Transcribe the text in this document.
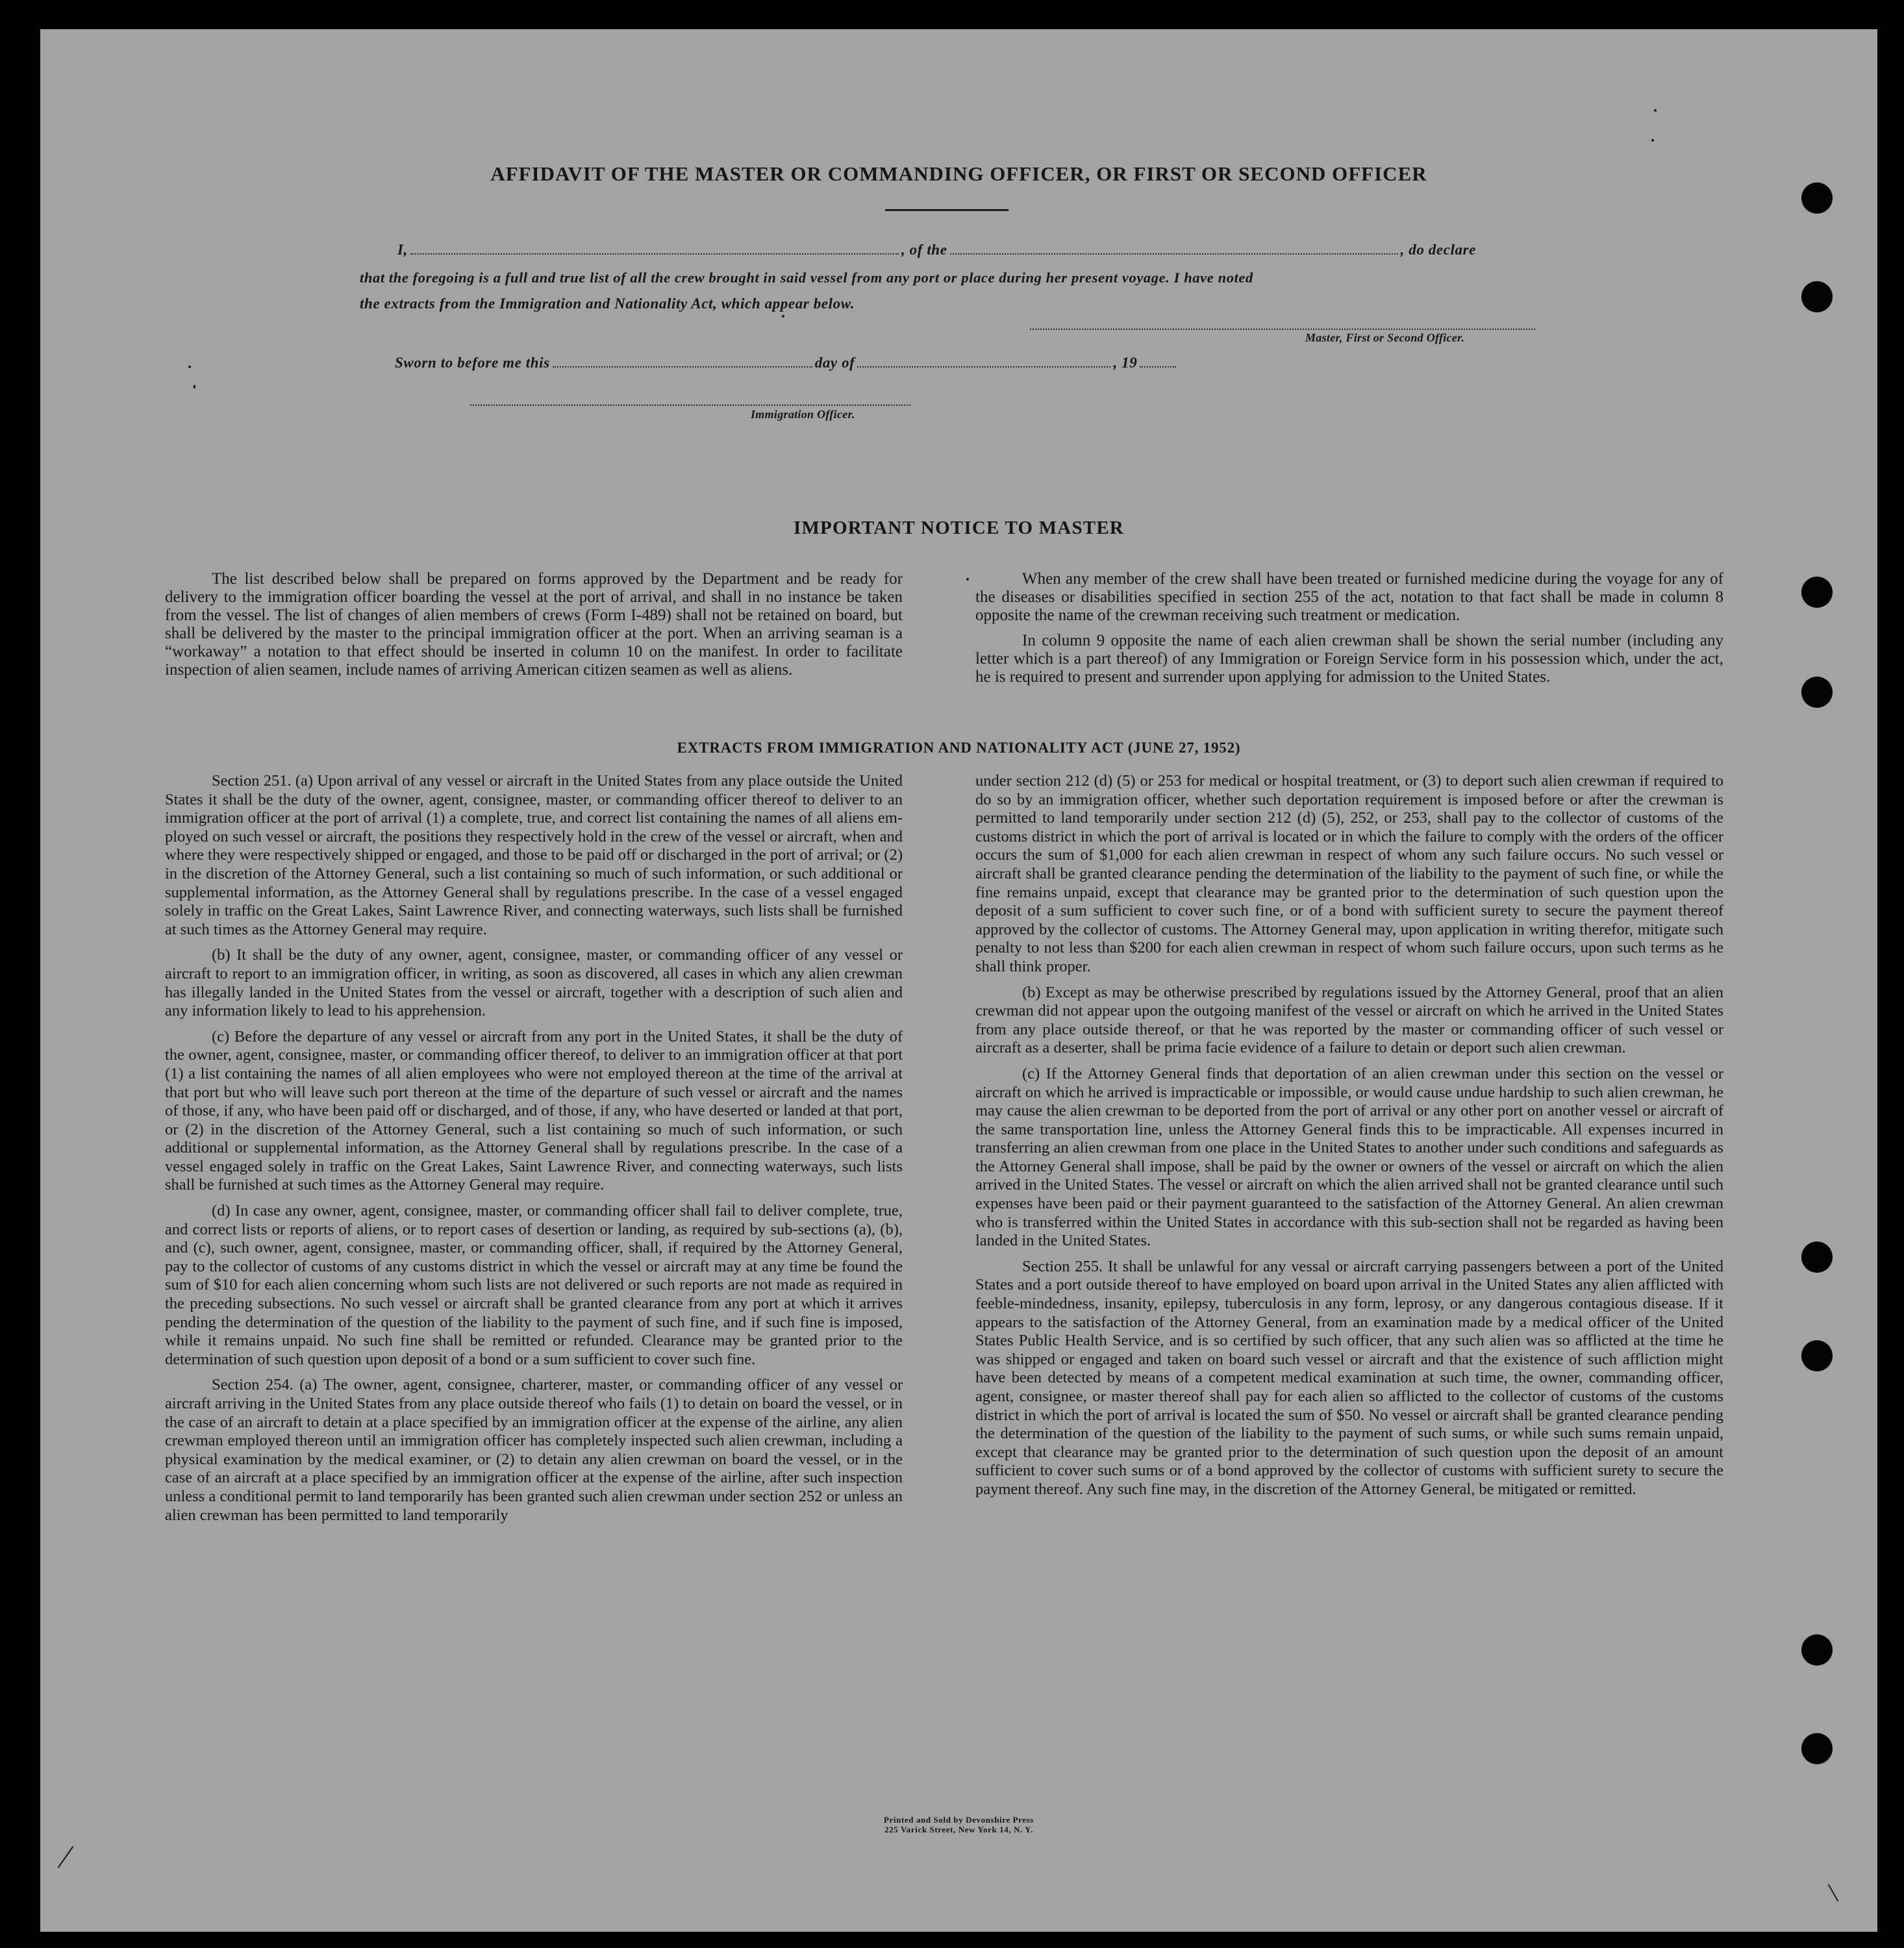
AFFIDAVIT OF THE MASTER OR COMMANDING OFFICER, OR FIRST OR SECOND OFFICER
I,	, of the	, do declare
that the foregoing is a full and true list of all the crew brought in said vessel from any port or place during her present voyage. I have noted
the extracts from the Immigration and Nationality Act, which appear below.
Master, First or Second Officer.
Sworn to before me this	day of	, 19
Immigration Officer.
IMPORTANT NOTICE TO MASTER

The list described below shall be prepared on forms approved by the Department and be ready for delivery to the immigration officer boarding the vessel at the port of arrival, and shall in no instance be taken from the vessel. The list of changes of alien members of crews (Form I-489) shall not be retained on board, but shall be delivered by the master to the principal immigration officer at the port. When an arriving seaman is a “workaway” a notation to that effect should be inserted in column 10 on the manifest. In order to facilitate inspection of alien seamen, include names of arriving American citizen seamen as well as aliens.

When any member of the crew shall have been treated or furnished medicine during the voyage for any of the diseases or disabilities specified in section 255 of the act, notation to that fact shall be made in column 8 opposite the name of the crewman receiving such treatment or medication.

In column 9 opposite the name of each alien crewman shall be shown the serial number (including any letter which is a part thereof) of any Immigration or Foreign Service form in his possession which, under the act, he is required to present and surrender upon applying for admission to the United States.

EXTRACTS FROM IMMIGRATION AND NATIONALITY ACT (JUNE 27, 1952)

Section 251. (a) Upon arrival of any vessel or aircraft in the United States from any place outside the United States it shall be the duty of the owner, agent, consignee, master, or commanding officer thereof to deliver to an immigration officer at the port of arrival (1) a complete, true, and correct list containing the names of all aliens employed on such vessel or aircraft, the positions they respectively hold in the crew of the vessel or aircraft, when and where they were respectively shipped or engaged, and those to be paid off or discharged in the port of arrival; or (2) in the discretion of the Attorney General, such a list containing so much of such information, or such additional or supplemental information, as the Attorney General shall by regulations prescribe. In the case of a vessel engaged solely in traffic on the Great Lakes, Saint Lawrence River, and connecting waterways, such lists shall be furnished at such times as the Attorney General may require.

(b) It shall be the duty of any owner, agent, consignee, master, or commanding officer of any vessel or aircraft to report to an immigration officer, in writing, as soon as discovered, all cases in which any alien crewman has illegally landed in the United States from the vessel or aircraft, together with a description of such alien and any information likely to lead to his apprehension.

(c) Before the departure of any vessel or aircraft from any port in the United States, it shall be the duty of the owner, agent, consignee, master, or commanding officer thereof, to deliver to an immigration officer at that port (1) a list containing the names of all alien employees who were not employed thereon at the time of the arrival at that port but who will leave such port thereon at the time of the departure of such vessel or aircraft and the names of those, if any, who have been paid off or discharged, and of those, if any, who have deserted or landed at that port, or (2) in the discretion of the Attorney General, such a list containing so much of such information, or such additional or supplemental information, as the Attorney General shall by regulations prescribe. In the case of a vessel engaged solely in traffic on the Great Lakes, Saint Lawrence River, and connecting waterways, such lists shall be furnished at such times as the Attorney General may require.

(d) In case any owner, agent, consignee, master, or commanding officer shall fail to deliver complete, true, and correct lists or reports of aliens, or to report cases of desertion or landing, as required by sub-sections (a), (b), and (c), such owner, agent, consignee, master, or commanding officer, shall, if required by the Attorney General, pay to the collector of customs of any customs district in which the vessel or aircraft may at any time be found the sum of $10 for each alien concerning whom such lists are not delivered or such reports are not made as required in the preceding subsections. No such vessel or aircraft shall be granted clearance from any port at which it arrives pending the determination of the question of the liability to the payment of such fine, and if such fine is imposed, while it remains unpaid. No such fine shall be remitted or refunded. Clearance may be granted prior to the determination of such question upon deposit of a bond or a sum sufficient to cover such fine.

Section 254. (a) The owner, agent, consignee, charterer, master, or commanding officer of any vessel or aircraft arriving in the United States from any place outside thereof who fails (1) to detain on board the vessel, or in the case of an aircraft to detain at a place specified by an immigration officer at the expense of the airline, any alien crewman employed thereon until an immigration officer has completely inspected such alien crewman, including a physical examination by the medical examiner, or (2) to detain any alien crewman on board the vessel, or in the case of an aircraft at a place specified by an immigration officer at the expense of the airline, after such inspection unless a conditional permit to land temporarily has been granted such alien crewman under section 252 or unless an alien crewman has been permitted to land temporarily

under section 212 (d) (5) or 253 for medical or hospital treatment, or (3) to deport such alien crewman if required to do so by an immigration officer, whether such deportation requirement is imposed before or after the crewman is permitted to land temporarily under section 212 (d) (5), 252, or 253, shall pay to the collector of customs of the customs district in which the port of arrival is located or in which the failure to comply with the orders of the officer occurs the sum of $1,000 for each alien crewman in respect of whom any such failure occurs. No such vessel or aircraft shall be granted clearance pending the determination of the liability to the payment of such fine, or while the fine remains unpaid, except that clearance may be granted prior to the determination of such question upon the deposit of a sum sufficient to cover such fine, or of a bond with sufficient surety to secure the payment thereof approved by the collector of customs. The Attorney General may, upon application in writing therefor, mitigate such penalty to not less than $200 for each alien crewman in respect of whom such failure occurs, upon such terms as he shall think proper.

(b) Except as may be otherwise prescribed by regulations issued by the Attorney General, proof that an alien crewman did not appear upon the outgoing manifest of the vessel or aircraft on which he arrived in the United States from any place outside thereof, or that he was reported by the master or commanding officer of such vessel or aircraft as a deserter, shall be prima facie evidence of a failure to detain or deport such alien crewman.

(c) If the Attorney General finds that deportation of an alien crewman under this section on the vessel or aircraft on which he arrived is impracticable or impossible, or would cause undue hardship to such alien crewman, he may cause the alien crewman to be deported from the port of arrival or any other port on another vessel or aircraft of the same transportation line, unless the Attorney General finds this to be impracticable. All expenses incurred in transferring an alien crewman from one place in the United States to another under such conditions and safeguards as the Attorney General shall impose, shall be paid by the owner or owners of the vessel or aircraft on which the alien arrived in the United States. The vessel or aircraft on which the alien arrived shall not be granted clearance until such expenses have been paid or their payment guaranteed to the satisfaction of the Attorney General. An alien crewman who is transferred within the United States in accordance with this sub-section shall not be regarded as having been landed in the United States.

Section 255. It shall be unlawful for any vessal or aircraft carrying passengers between a port of the United States and a port outside thereof to have employed on board upon arrival in the United States any alien afflicted with feeble-mindedness, insanity, epilepsy, tuberculosis in any form, leprosy, or any dangerous contagious disease. If it appears to the satisfaction of the Attorney General, from an examination made by a medical officer of the United States Public Health Service, and is so certified by such officer, that any such alien was so afflicted at the time he was shipped or engaged and taken on board such vessel or aircraft and that the existence of such affliction might have been detected by means of a competent medical examination at such time, the owner, commanding officer, agent, consignee, or master thereof shall pay for each alien so afflicted to the collector of customs of the customs district in which the port of arrival is located the sum of $50. No vessel or aircraft shall be granted clearance pending the determination of the question of the liability to the payment of such sums, or while such sums remain unpaid, except that clearance may be granted prior to the determination of such question upon the deposit of an amount sufficient to cover such sums or of a bond approved by the collector of customs with sufficient surety to secure the payment thereof. Any such fine may, in the discretion of the Attorney General, be mitigated or remitted.

Printed and Sold by Devonshire Press
225 Varick Street, New York 14, N. Y.
